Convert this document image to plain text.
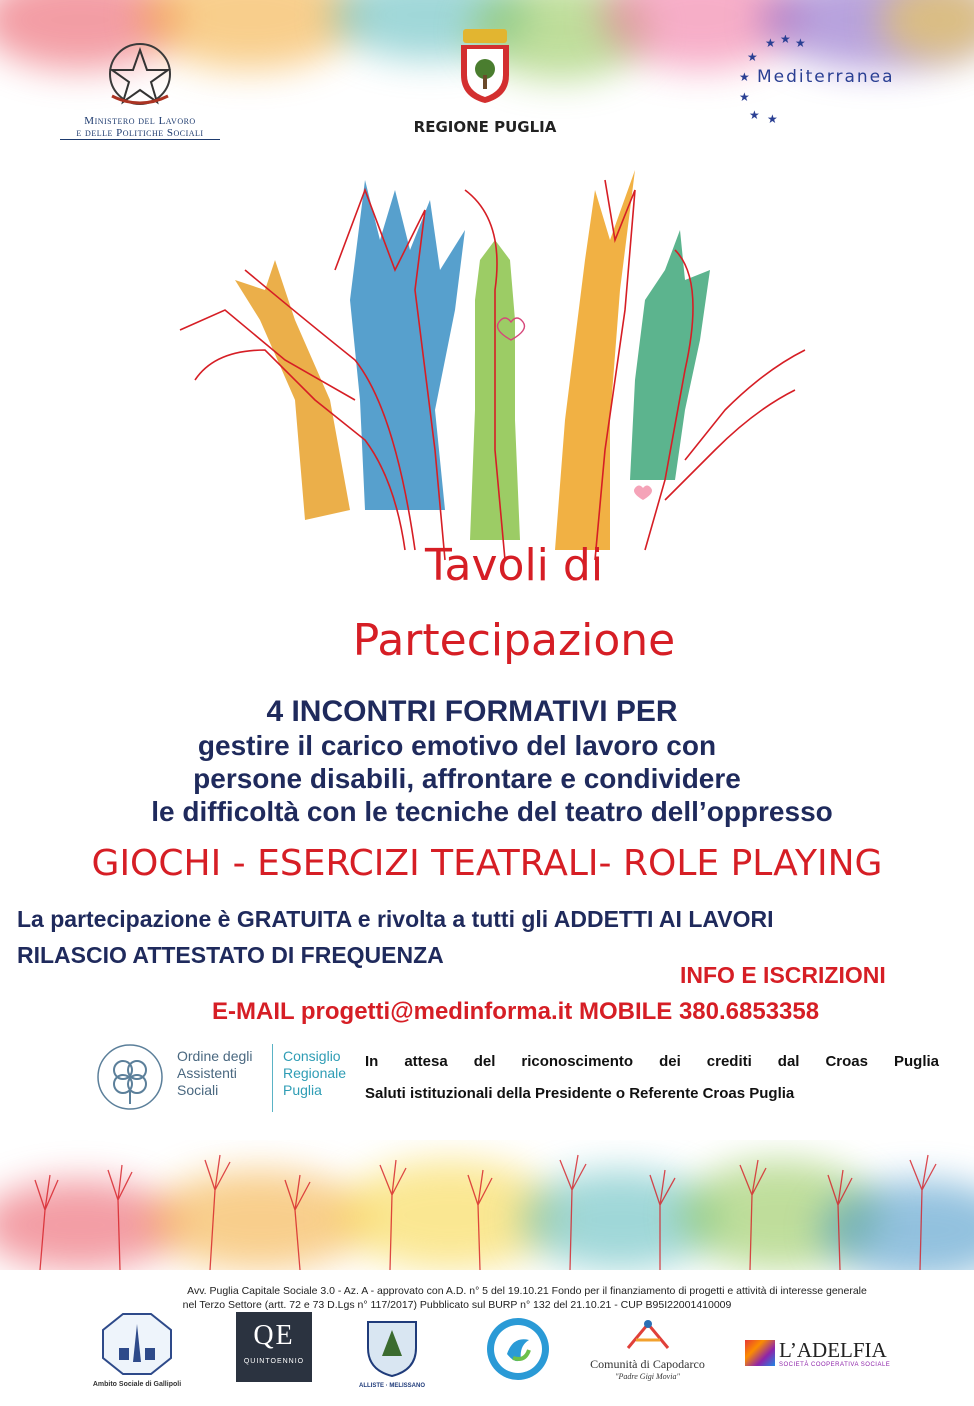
Ministero del Lavoro
e delle Politiche Sociali	REGIONE PUGLIA
★ ★ ★
★
★
★
★ ★
Mediterranea
Tavoli di
Partecipazione
4 INCONTRI FORMATIVI PER
gestire il carico emotivo del lavoro con
persone disabili, affrontare e condividere
le difficoltà con le tecniche del teatro dell’oppresso
GIOCHI - ESERCIZI TEATRALI- ROLE PLAYING
La partecipazione è GRATUITA e rivolta a tutti gli ADDETTI AI LAVORI
RILASCIO ATTESTATO DI FREQUENZA
INFO E ISCRIZIONI
E-MAIL progetti@medinforma.it MOBILE 380.6853358
Ordine degli
Assistenti
Sociali
Consiglio
Regionale
Puglia
In attesa del riconoscimento dei crediti dal Croas Puglia
Saluti istituzionali della Presidente o Referente Croas Puglia
Avv. Puglia Capitale Sociale 3.0 - Az. A - approvato con A.D. n° 5 del 19.10.21 Fondo per il finanziamento di progetti e attività di interesse generale
nel Terzo Settore (artt. 72 e 73 D.Lgs n° 117/2017) Pubblicato sul BURP n° 132 del 21.10.21 - CUP B95I22001410009
Ambito Sociale di Gallipoli
QE
QUINTOENNIO
ALLISTE · MELISSANO
Comunità di Capodarco
"Padre Gigi Movia"
L’ADELFIA
SOCIETÀ COOPERATIVA SOCIALE
